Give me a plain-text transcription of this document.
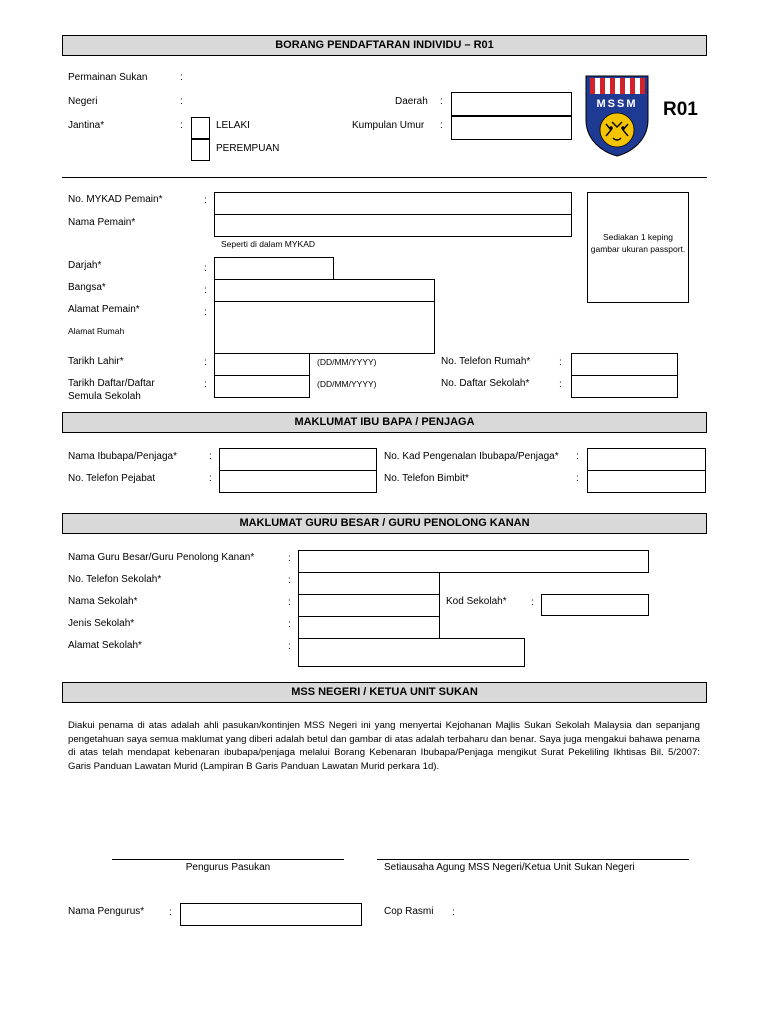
BORANG PENDAFTARAN INDIVIDU – R01
Permainan Sukan	:
Negeri	:
Jantina*	:	LELAKI
PEREMPUAN
Daerah :
Kumpulan Umur :
MSSM	R01
No. MYKAD Pemain*	:
Nama Pemain*
Seperti di dalam MYKAD
Darjah*	:
Bangsa*	:
Alamat Pemain*	:
Alamat Rumah
Sediakan 1 keping gambar ukuran passport.
Tarikh Lahir*	:	(DD/MM/YYYY)	No. Telefon Rumah*	:
Tarikh Daftar/Daftar
Semula Sekolah
:	(DD/MM/YYYY)	No. Daftar Sekolah*	:
MAKLUMAT IBU BAPA / PENJAGA
Nama Ibubapa/Penjaga*	:
No. Telefon Pejabat	:
No. Kad Pengenalan Ibubapa/Penjaga* :
No. Telefon Bimbit*	:
MAKLUMAT GURU BESAR / GURU PENOLONG KANAN
Nama Guru Besar/Guru Penolong Kanan*	:
No. Telefon Sekolah*	:
Nama Sekolah*	:	Kod Sekolah* :
Jenis Sekolah*	:
Alamat Sekolah*	:
MSS NEGERI / KETUA UNIT SUKAN
Diakui penama di atas adalah ahli pasukan/kontinjen MSS Negeri ini yang menyertai Kejohanan Majlis Sukan Sekolah Malaysia dan sepanjang pengetahuan saya semua maklumat yang diberi adalah betul dan gambar di atas adalah terbaharu dan benar. Saya juga mengakui bahawa penama di atas telah mendapat kebenaran ibubapa/penjaga melalui Borang Kebenaran Ibubapa/Penjaga mengikut Surat Pekeliling Ikhtisas Bil. 5/2007: Garis Panduan Lawatan Murid (Lampiran B Garis Panduan Lawatan Murid perkara 1d).
Pengurus Pasukan	Setiausaha Agung MSS Negeri/Ketua Unit Sukan Negeri
Nama Pengurus* :	Cop Rasmi :
